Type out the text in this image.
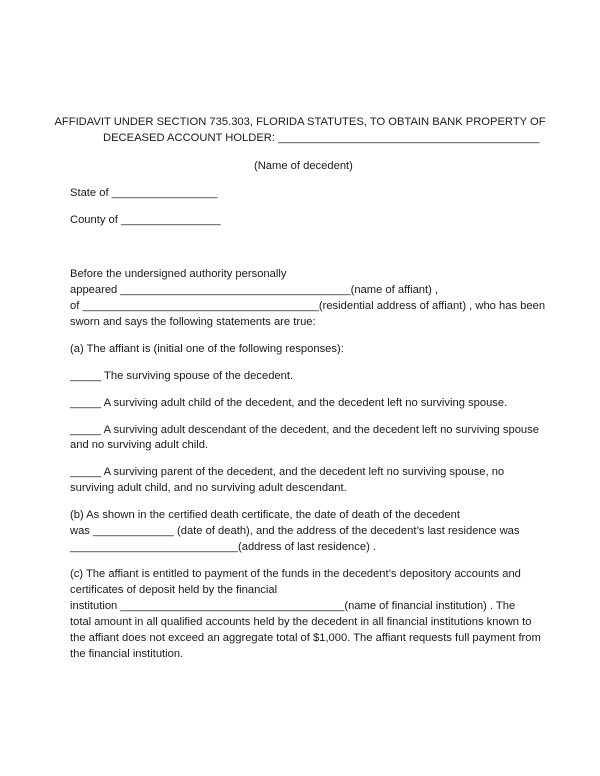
AFFIDAVIT UNDER SECTION 735.303, FLORIDA STATUTES, TO OBTAIN BANK PROPERTY OF
DECEASED ACCOUNT HOLDER: __________________________________________
(Name of decedent)
State of _________________
County of ________________
Before the undersigned authority personally
appeared _____________________________________(name of affiant) ,
of ______________________________________(residential address of affiant) , who has been
sworn and says the following statements are true:
(a) The affiant is (initial one of the following responses):
_____ The surviving spouse of the decedent.
_____ A surviving adult child of the decedent, and the decedent left no surviving spouse.
_____ A surviving adult descendant of the decedent, and the decedent left no surviving spouse
and no surviving adult child.
_____ A surviving parent of the decedent, and the decedent left no surviving spouse, no
surviving adult child, and no surviving adult descendant.
(b) As shown in the certified death certificate, the date of death of the decedent
was _____________ (date of death), and the address of the decedent’s last residence was
___________________________(address of last residence) .
(c) The affiant is entitled to payment of the funds in the decedent’s depository accounts and
certificates of deposit held by the financial
institution ____________________________________(name of financial institution) . The
total amount in all qualified accounts held by the decedent in all financial institutions known to
the affiant does not exceed an aggregate total of $1,000. The affiant requests full payment from
the financial institution.
